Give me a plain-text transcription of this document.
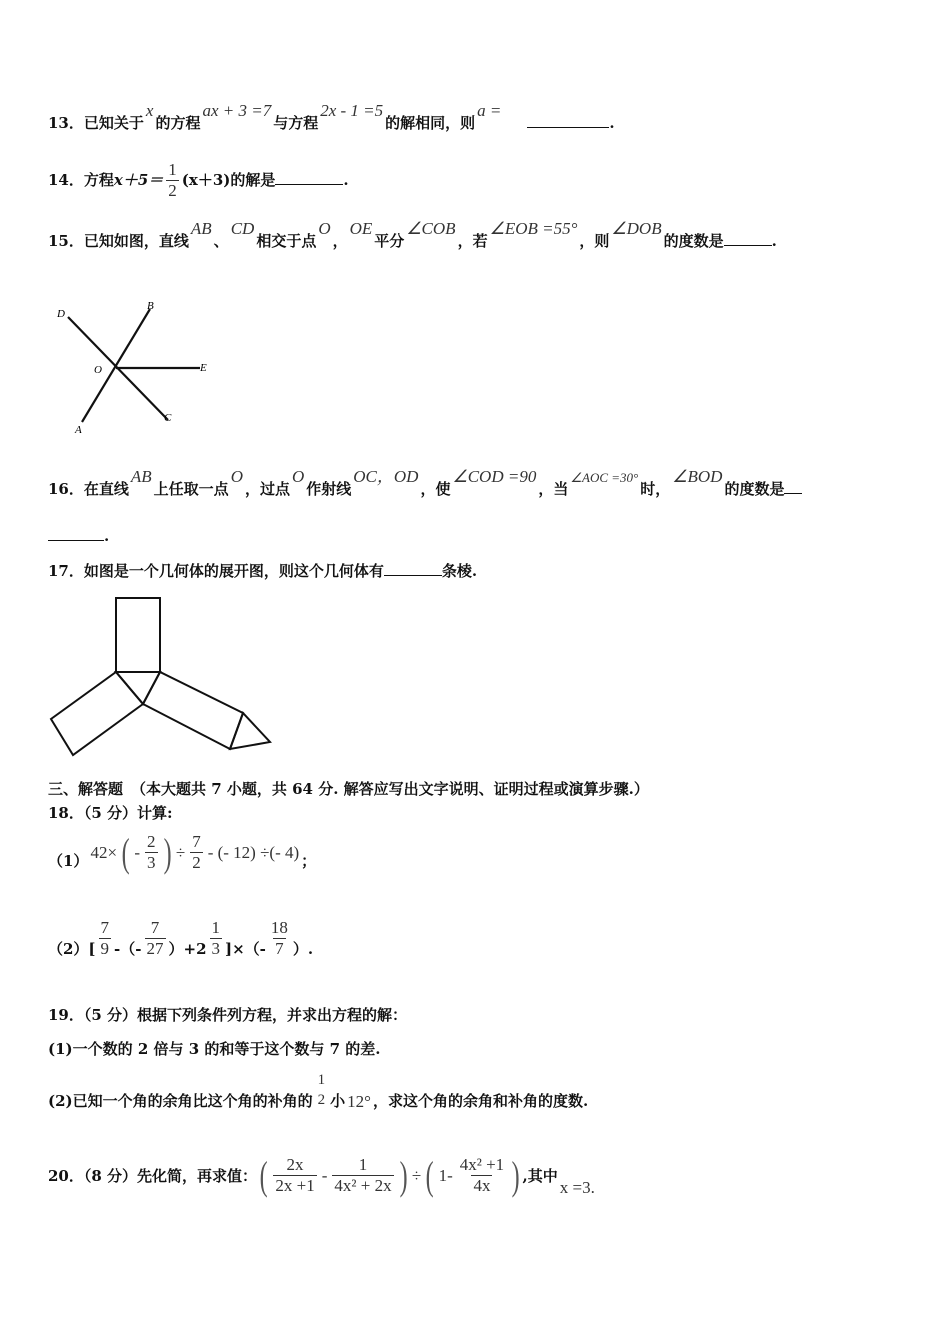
13．已知关于x的方程ax + 3 =7与方程2x - 1 =5的解相同，则a =.
14．方程$x+5= \frac{1}{2} (x+3)$的解是	.
15．已知如图，直线AB、CD相交于点O，OE平分∠COB，若∠EOB =55°，则∠DOB的度数是	.
D
B
O	E
A
C
16．在直线AB上任取一点O，过点O作射线OC，OD，使∠COD =90，当∠AOC =30°时，∠BOD的度数是
.
17．如图是一个几何体的展开图，则这个几何体有	条棱.
三、解答题 （本大题共 7 小题，共 64 分. 解答应写出文字说明、证明过程或演算步骤.）
18．（5 分）计算:
（1） 42× ( - $\frac{2}{3}$ ) ÷ $\frac{7}{2}$ - (- 12) ÷(- 4) ；
$(2)[ \frac{7}{9}$ -（- $\frac{7}{27} )+2 \frac{1}{3}$ ]×（- $\frac{18}{7}$ ）.
19．（5 分）根据下列条件列方程，并求出方程的解：
(1)一个数的 2 倍与 3 的和等于这个数与 7 的差.
(2)已知一个角的余角比这个角的补角的
1
2 小 12° ，求这个角的余角和补角的度数.
20．（8 分）先化简，再求值：( $\frac{2x}{2x +1} - \frac{1}{\text{4x² + 2x}}$ ) ÷ ( $1- \frac{\text{4x² +1}}{4x}$ ) ,其中x =3.
